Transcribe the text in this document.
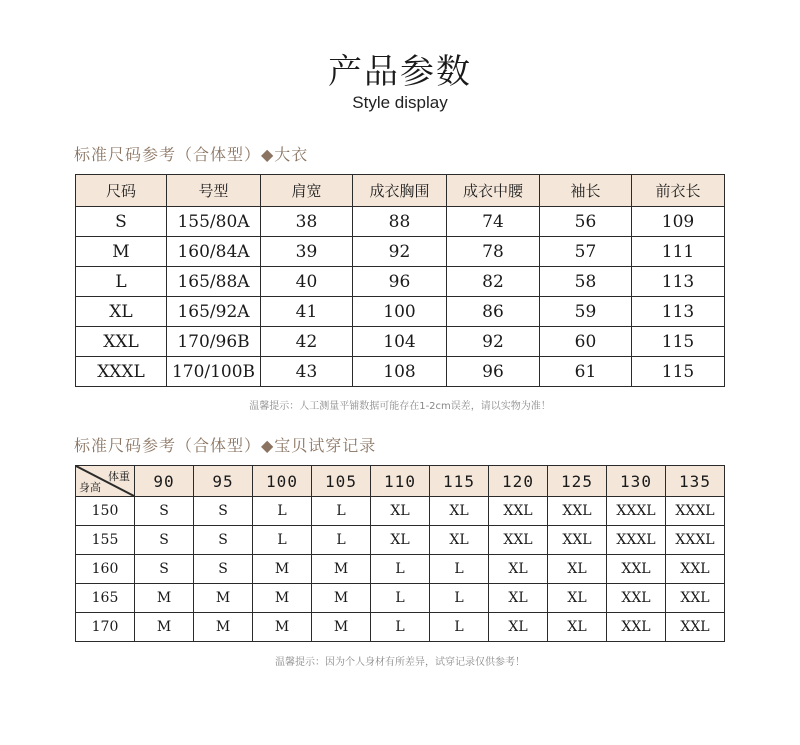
产品参数
Style display
标准尺码参考（合体型）◆大衣
尺码	号型	肩宽	成衣胸围	成衣中腰	袖长	前衣长
S	155/80A	38	88	74	56	109
M	160/84A	39	92	78	57	111
L	165/88A	40	96	82	58	113
XL	165/92A	41	100	86	59	113
XXL	170/96B	42	104	92	60	115
XXXL	170/100B	43	108	96	61	115
温馨提示：人工测量平铺数据可能存在1-2cm误差，请以实物为准！
标准尺码参考（合体型）◆宝贝试穿记录
体重
身高	90	95	100	105	110	115	120	125	130	135
150	S	S	L	L	XL	XL	XXL	XXL	XXXL	XXXL
155	S	S	L	L	XL	XL	XXL	XXL	XXXL	XXXL
160	S	S	M	M	L	L	XL	XL	XXL	XXL
165	M	M	M	M	L	L	XL	XL	XXL	XXL
170	M	M	M	M	L	L	XL	XL	XXL	XXL
温馨提示：因为个人身材有所差异，试穿记录仅供参考！
